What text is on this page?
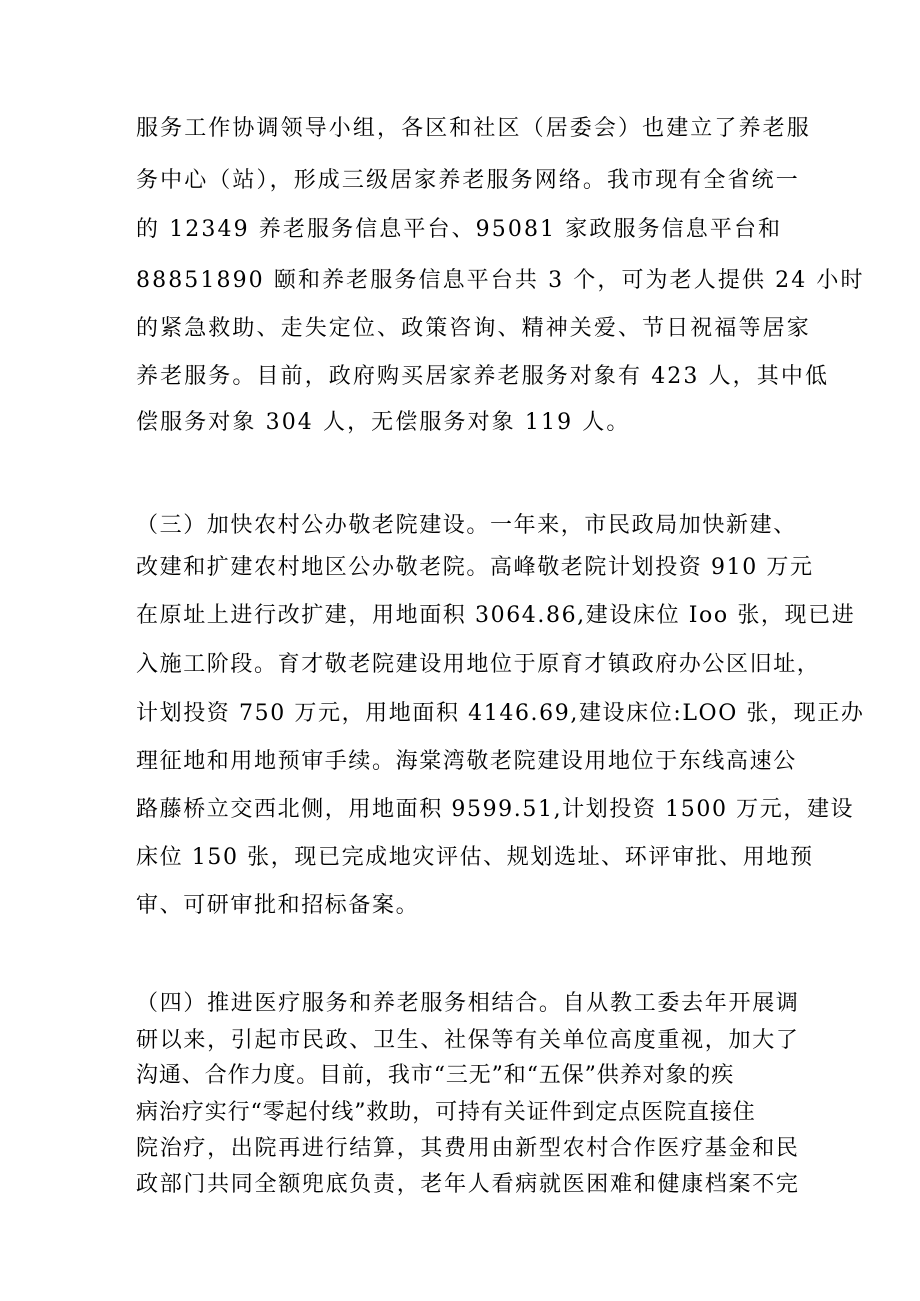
服务工作协调领导小组，各区和社区（居委会）也建立了养老服
务中心（站），形成三级居家养老服务网络。我市现有全省统一
的 12349 养老服务信息平台、95081 家政服务信息平台和
88851890 颐和养老服务信息平台共 3 个，可为老人提供 24 小时
的紧急救助、走失定位、政策咨询、精神关爱、节日祝福等居家
养老服务。目前，政府购买居家养老服务对象有 423 人，其中低
偿服务对象 304 人，无偿服务对象 119 人。
（三）加快农村公办敬老院建设。一年来，市民政局加快新建、
改建和扩建农村地区公办敬老院。高峰敬老院计划投资 910 万元
在原址上进行改扩建，用地面积 3064.86,建设床位 Ioo 张，现已进
入施工阶段。育才敬老院建设用地位于原育才镇政府办公区旧址，
计划投资 750 万元，用地面积 4146.69,建设床位:LOO 张，现正办
理征地和用地预审手续。海棠湾敬老院建设用地位于东线高速公
路藤桥立交西北侧，用地面积 9599.51,计划投资 1500 万元，建设
床位 150 张，现已完成地灾评估、规划选址、环评审批、用地预
审、可研审批和招标备案。
（四）推进医疗服务和养老服务相结合。自从教工委去年开展调
研以来，引起市民政、卫生、社保等有关单位高度重视，加大了
沟通、合作力度。目前，我市“三无”和“五保”供养对象的疾
病治疗实行“零起付线”救助，可持有关证件到定点医院直接住
院治疗，出院再进行结算，其费用由新型农村合作医疗基金和民
政部门共同全额兜底负责，老年人看病就医困难和健康档案不完
